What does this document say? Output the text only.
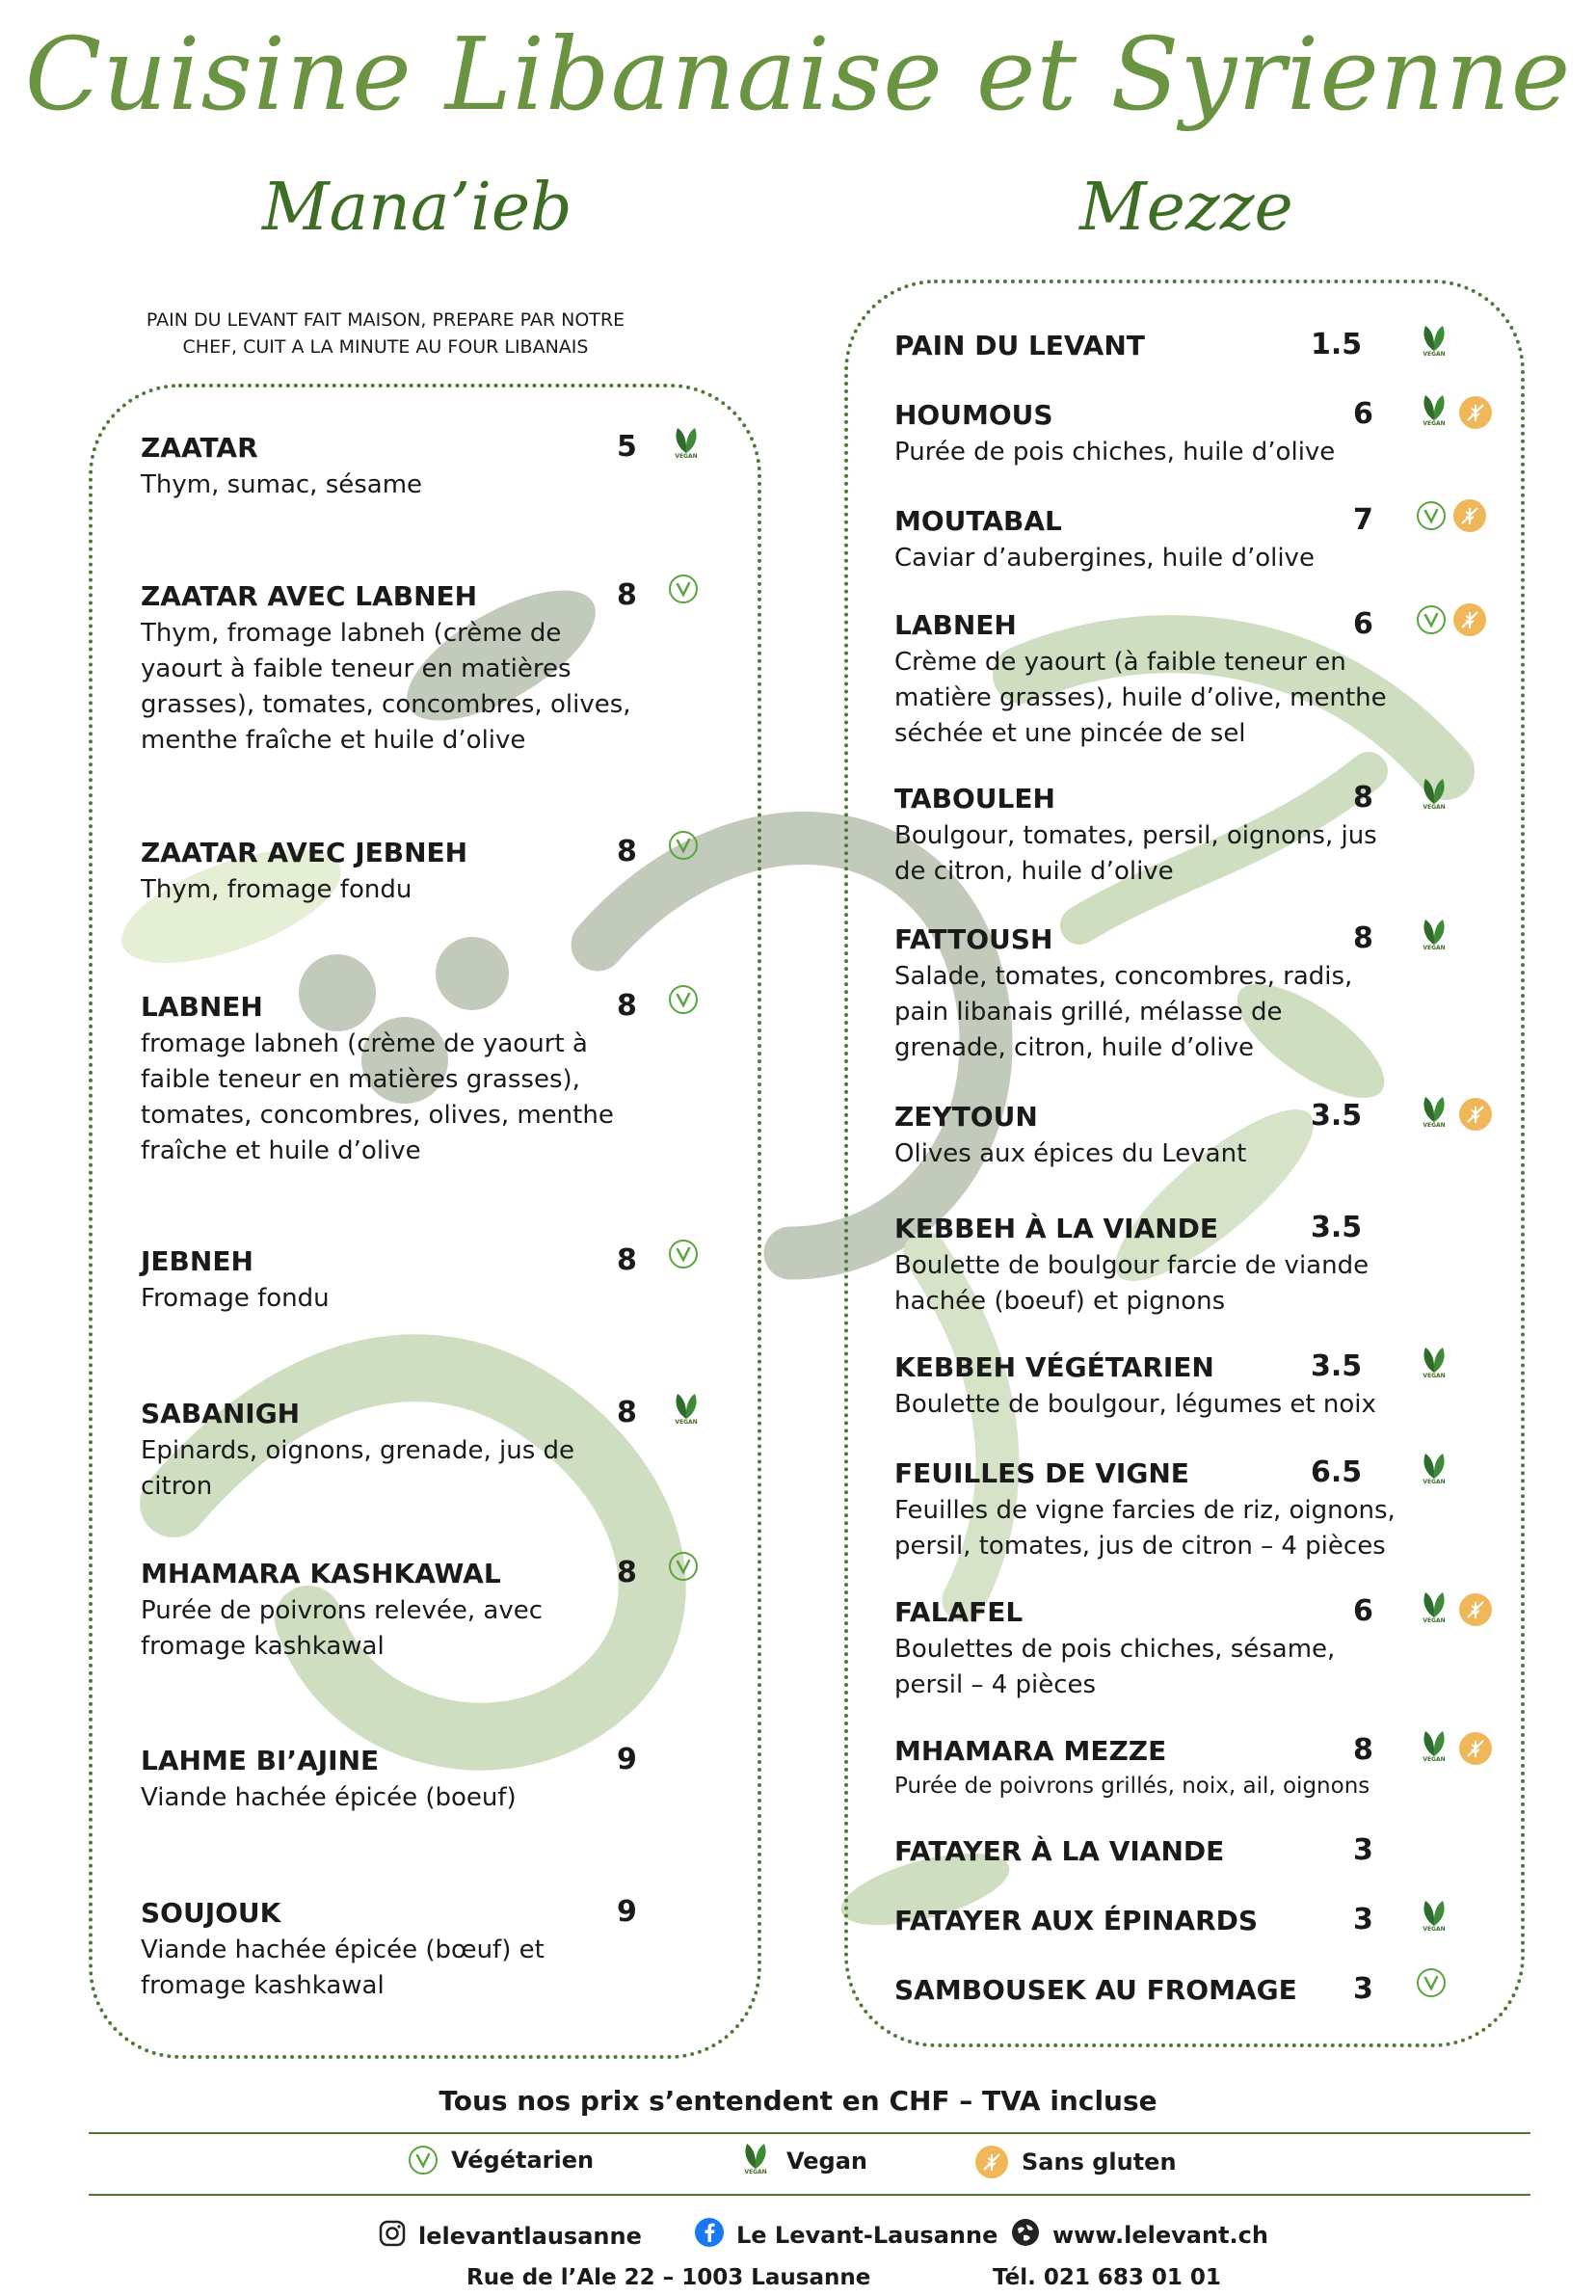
Cuisine Libanaise et Syrienne
Mana’ieb	Mezze
PAIN DU LEVANT FAIT MAISON, PREPARE PAR NOTRE CHEF, CUIT A LA MINUTE AU FOUR LIBANAIS
ZAATAR
Thym, sumac, sésame
5	VEGAN
ZAATAR AVEC LABNEH
Thym, fromage labneh (crème de yaourt à faible teneur en matières grasses), tomates, concombres, olives, menthe fraîche et huile d’olive
8
ZAATAR AVEC JEBNEH
Thym, fromage fondu
8
LABNEH
fromage labneh (crème de yaourt à faible teneur en matières grasses), tomates, concombres, olives, menthe fraîche et huile d’olive
8
JEBNEH
Fromage fondu
8
SABANIGH
Epinards, oignons, grenade, jus de citron
8	VEGAN
MHAMARA KASHKAWAL
Purée de poivrons relevée, avec fromage kashkawal
8
LAHME BI’AJINE
Viande hachée épicée (boeuf)
9
SOUJOUK
Viande hachée épicée (bœuf) et fromage kashkawal
9
PAIN DU LEVANT	1.5	VEGAN
HOUMOUS
Purée de pois chiches, huile d’olive
6	VEGAN
MOUTABAL
Caviar d’aubergines, huile d’olive
7
LABNEH
Crème de yaourt (à faible teneur en matière grasses), huile d’olive, menthe séchée et une pincée de sel
6
TABOULEH
Boulgour, tomates, persil, oignons, jus de citron, huile d’olive
8	VEGAN
FATTOUSH
Salade, tomates, concombres, radis, pain libanais grillé, mélasse de grenade, citron, huile d’olive
8	VEGAN
ZEYTOUN
Olives aux épices du Levant
3.5	VEGAN
KEBBEH À LA VIANDE
Boulette de boulgour farcie de viande hachée (boeuf) et pignons
3.5
KEBBEH VÉGÉTARIEN
Boulette de boulgour, légumes et noix
3.5	VEGAN
FEUILLES DE VIGNE
Feuilles de vigne farcies de riz, oignons, persil, tomates, jus de citron – 4 pièces
6.5	VEGAN
FALAFEL
Boulettes de pois chiches, sésame, persil – 4 pièces
6	VEGAN
MHAMARA MEZZE
Purée de poivrons grillés, noix, ail, oignons
8	VEGAN
FATAYER À LA VIANDE	3
FATAYER AUX ÉPINARDS	3	VEGAN
SAMBOUSEK AU FROMAGE	3
Tous nos prix s’entendent en CHF – TVA incluse
Végétarien	VEGAN Vegan	Sans gluten
lelevantlausanne	Le Levant-Lausanne www.lelevant.ch
Rue de l’Ale 22 – 1003 Lausanne	Tél. 021 683 01 01
